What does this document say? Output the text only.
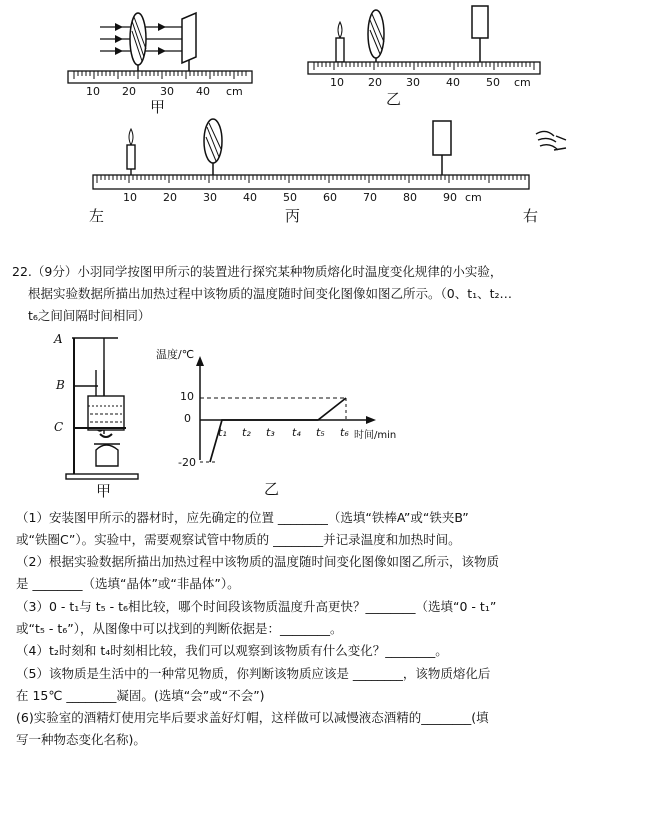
10 20 30 40 cm
甲
10 20 30 40 50 cm
乙
10 20 30 40 50 60 70 80 90 cm
左	丙	右
22.（9分）小羽同学按图甲所示的装置进行探究某种物质熔化时温度变化规律的小实验，
根据实验数据所描出加热过程中该物质的温度随时间变化图像如图乙所示。（0、t₁、t₂…
t₆之间间隔时间相同）
A
B
C
甲
温度/℃
10
0
-20
t₁ t₂ t₃ t₄ t₅ t₆ 时间/min
乙
（1）安装图甲所示的器材时，应先确定的位置 ________（选填“铁棒A”或“铁夹B”
或“铁圈C”）。实验中，需要观察试管中物质的 ________并记录温度和加热时间。
（2）根据实验数据所描出加热过程中该物质的温度随时间变化图像如图乙所示，该物质
是 ________（选填“晶体”或“非晶体”）。
（3）0 - t₁与 t₅ - t₆相比较，哪个时间段该物质温度升高更快？________（选填“0 - t₁”
或“t₅ - t₆”），从图像中可以找到的判断依据是：________。
（4）t₂时刻和 t₄时刻相比较，我们可以观察到该物质有什么变化？________。
（5）该物质是生活中的一种常见物质，你判断该物质应该是 ________，该物质熔化后
在 15℃ ________凝固。(选填“会”或“不会”)
(6)实验室的酒精灯使用完毕后要求盖好灯帽，这样做可以减慢液态酒精的________(填
写一种物态变化名称)。
